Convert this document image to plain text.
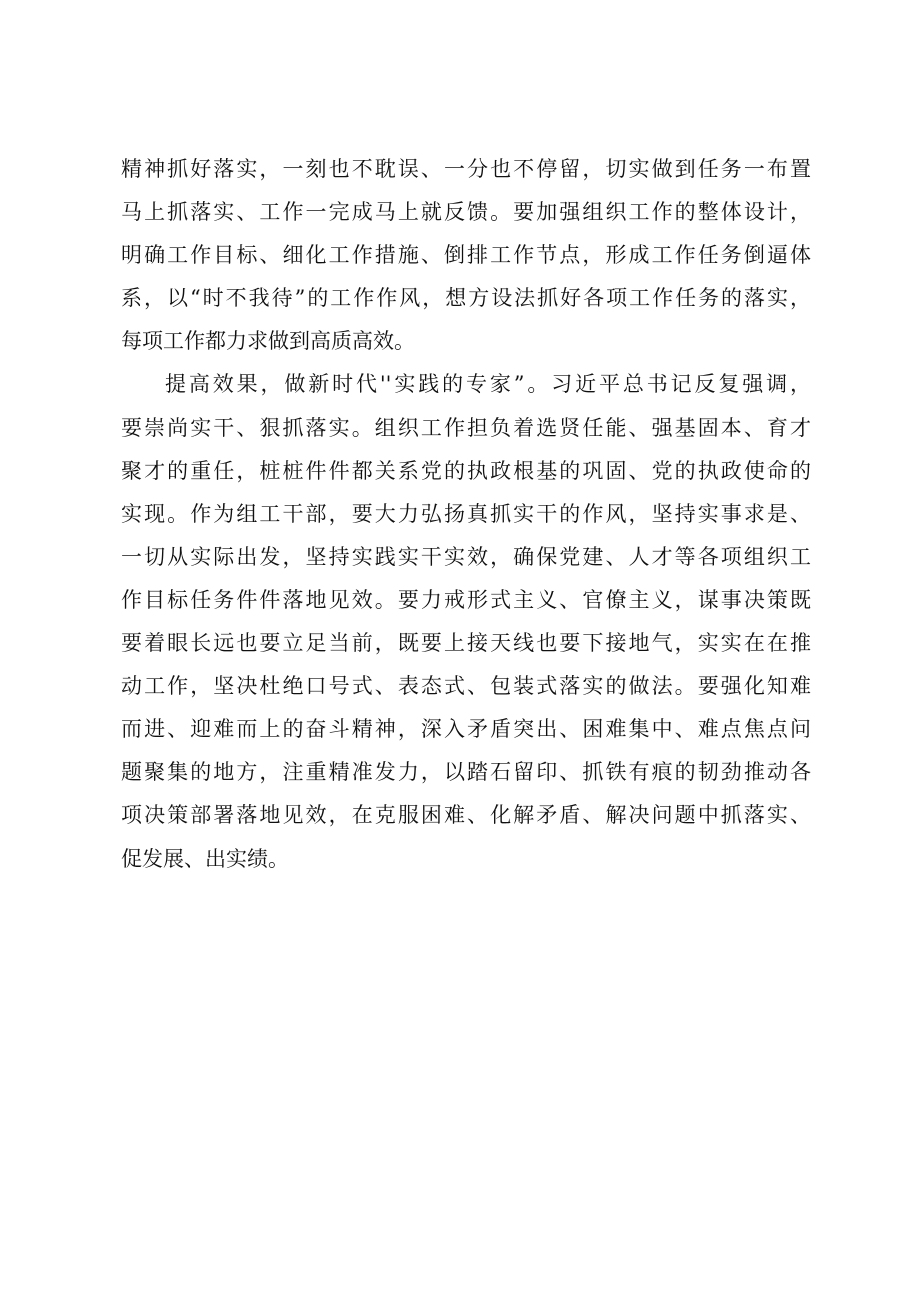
精神抓好落实，一刻也不耽误、一分也不停留，切实做到任务一布置
马上抓落实、工作一完成马上就反馈。要加强组织工作的整体设计，
明确工作目标、细化工作措施、倒排工作节点，形成工作任务倒逼体
系，以“时不我待”的工作作风，想方设法抓好各项工作任务的落实，
每项工作都力求做到高质高效。
提高效果，做新时代''实践的专家”。习近平总书记反复强调，
要崇尚实干、狠抓落实。组织工作担负着选贤任能、强基固本、育才
聚才的重任，桩桩件件都关系党的执政根基的巩固、党的执政使命的
实现。作为组工干部，要大力弘扬真抓实干的作风，坚持实事求是、
一切从实际出发，坚持实践实干实效，确保党建、人才等各项组织工
作目标任务件件落地见效。要力戒形式主义、官僚主义，谋事决策既
要着眼长远也要立足当前，既要上接天线也要下接地气，实实在在推
动工作，坚决杜绝口号式、表态式、包装式落实的做法。要强化知难
而进、迎难而上的奋斗精神，深入矛盾突出、困难集中、难点焦点问
题聚集的地方，注重精准发力，以踏石留印、抓铁有痕的韧劲推动各
项决策部署落地见效，在克服困难、化解矛盾、解决问题中抓落实、
促发展、出实绩。
